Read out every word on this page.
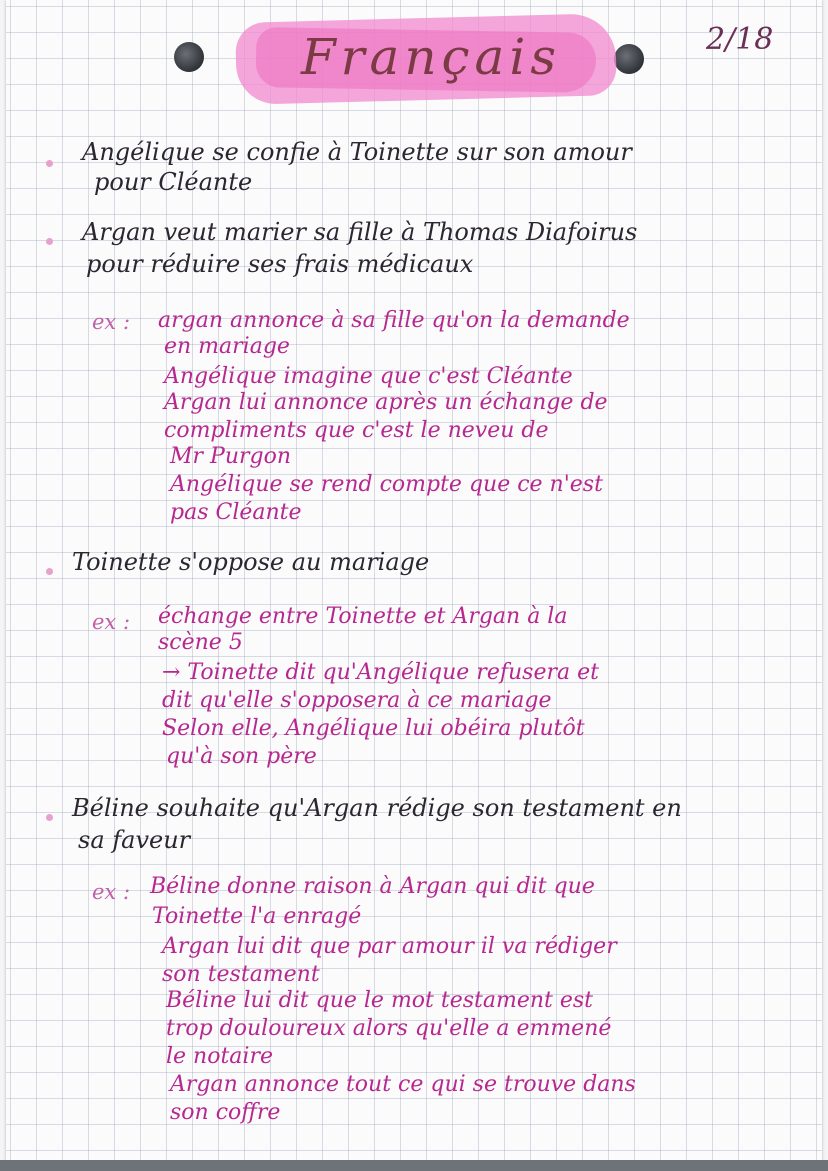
Français	2/18
Angélique se confie à Toinette sur son amour
pour Cléante
Argan veut marier sa fille à Thomas Diafoirus
pour réduire ses frais médicaux
ex : argan annonce à sa fille qu'on la demande
en mariage
Angélique imagine que c'est Cléante
Argan lui annonce après un échange de
compliments que c'est le neveu de
Mr Purgon
Angélique se rend compte que ce n'est
pas Cléante
Toinette s'oppose au mariage
ex : échange entre Toinette et Argan à la
scène 5
→ Toinette dit qu'Angélique refusera et
dit qu'elle s'opposera à ce mariage
Selon elle, Angélique lui obéira plutôt
qu'à son père
Béline souhaite qu'Argan rédige son testament en
sa faveur
ex : Béline donne raison à Argan qui dit que
Toinette l'a enragé
Argan lui dit que par amour il va rédiger
son testament
Béline lui dit que le mot testament est
trop douloureux alors qu'elle a emmené
le notaire
Argan annonce tout ce qui se trouve dans
son coffre
